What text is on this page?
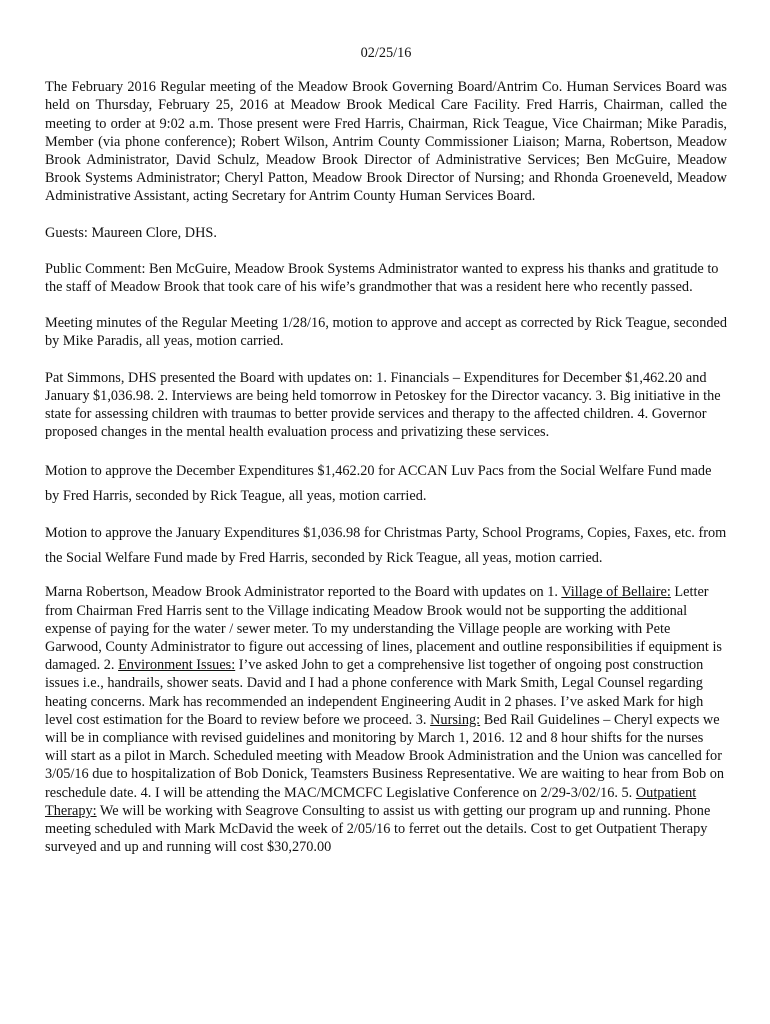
02/25/16

The February 2016 Regular meeting of the Meadow Brook Governing Board/Antrim Co. Human Services Board was held on Thursday, February 25, 2016 at Meadow Brook Medical Care Facility. Fred Harris, Chairman, called the meeting to order at 9:02 a.m. Those present were Fred Harris, Chairman, Rick Teague, Vice Chairman; Mike Paradis, Member (via phone conference); Robert Wilson, Antrim County Commissioner Liaison; Marna, Robertson, Meadow Brook Administrator, David Schulz, Meadow Brook Director of Administrative Services; Ben McGuire, Meadow Brook Systems Administrator; Cheryl Patton, Meadow Brook Director of Nursing; and Rhonda Groeneveld, Meadow Administrative Assistant, acting Secretary for Antrim County Human Services Board.

Guests: Maureen Clore, DHS.

Public Comment: Ben McGuire, Meadow Brook Systems Administrator wanted to express his thanks and gratitude to the staff of Meadow Brook that took care of his wife’s grandmother that was a resident here who recently passed.

Meeting minutes of the Regular Meeting 1/28/16, motion to approve and accept as corrected by Rick Teague, seconded by Mike Paradis, all yeas, motion carried.

Pat Simmons, DHS presented the Board with updates on: 1. Financials – Expenditures for December $1,462.20 and January $1,036.98. 2. Interviews are being held tomorrow in Petoskey for the Director vacancy. 3. Big initiative in the state for assessing children with traumas to better provide services and therapy to the affected children. 4. Governor proposed changes in the mental health evaluation process and privatizing these services.

Motion to approve the December Expenditures $1,462.20 for ACCAN Luv Pacs from the Social Welfare Fund made by Fred Harris, seconded by Rick Teague, all yeas, motion carried.

Motion to approve the January Expenditures $1,036.98 for Christmas Party, School Programs, Copies, Faxes, etc. from the Social Welfare Fund made by Fred Harris, seconded by Rick Teague, all yeas, motion carried.

Marna Robertson, Meadow Brook Administrator reported to the Board with updates on 1. Village of Bellaire: Letter from Chairman Fred Harris sent to the Village indicating Meadow Brook would not be supporting the additional expense of paying for the water / sewer meter. To my understanding the Village people are working with Pete Garwood, County Administrator to figure out accessing of lines, placement and outline responsibilities if equipment is damaged. 2. Environment Issues: I’ve asked John to get a comprehensive list together of ongoing post construction issues i.e., handrails, shower seats. David and I had a phone conference with Mark Smith, Legal Counsel regarding heating concerns. Mark has recommended an independent Engineering Audit in 2 phases. I’ve asked Mark for high level cost estimation for the Board to review before we proceed. 3. Nursing: Bed Rail Guidelines – Cheryl expects we will be in compliance with revised guidelines and monitoring by March 1, 2016. 12 and 8 hour shifts for the nurses will start as a pilot in March. Scheduled meeting with Meadow Brook Administration and the Union was cancelled for 3/05/16 due to hospitalization of Bob Donick, Teamsters Business Representative. We are waiting to hear from Bob on reschedule date. 4. I will be attending the MAC/MCMCFC Legislative Conference on 2/29-3/02/16. 5. Outpatient Therapy: We will be working with Seagrove Consulting to assist us with getting our program up and running. Phone meeting scheduled with Mark McDavid the week of 2/05/16 to ferret out the details. Cost to get Outpatient Therapy surveyed and up and running will cost $30,270.00
